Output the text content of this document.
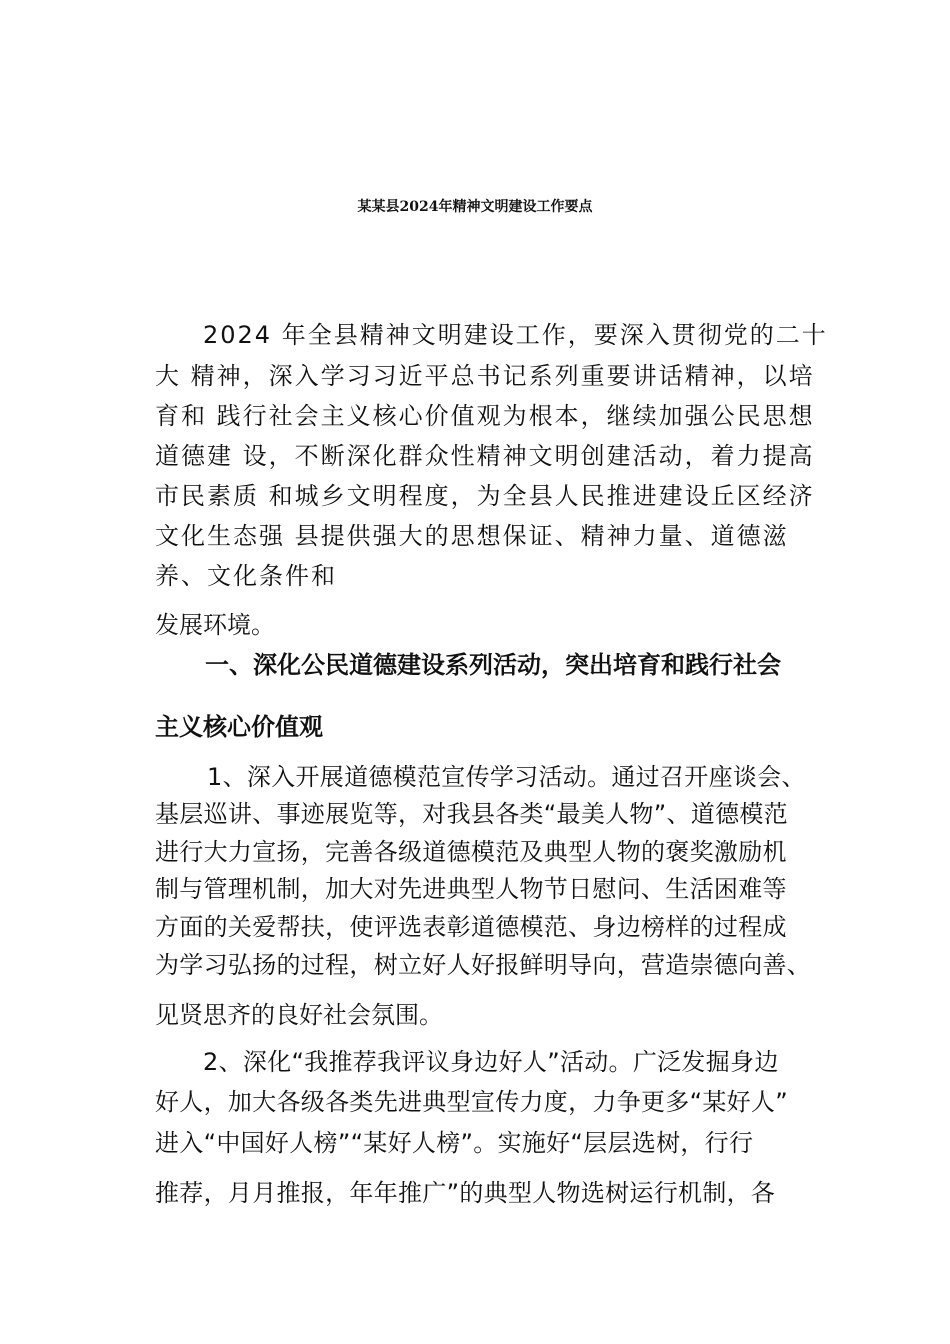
某某县2024年精神文明建设工作要点
2024 年全县精神文明建设工作，要深入贯彻党的二十
大 精神，深入学习习近平总书记系列重要讲话精神，以培
育和 践行社会主义核心价值观为根本，继续加强公民思想
道德建 设，不断深化群众性精神文明创建活动，着力提高
市民素质 和城乡文明程度，为全县人民推进建设丘区经济
文化生态强 县提供强大的思想保证、精神力量、道德滋
养、文化条件和
发展环境。
一、深化公民道德建设系列活动，突出培育和践行社会
主义核心价值观
1、深入开展道德模范宣传学习活动。通过召开座谈会、
基层巡讲、事迹展览等，对我县各类“最美人物”、道德模范
进行大力宣扬，完善各级道德模范及典型人物的褒奖激励机
制与管理机制，加大对先进典型人物节日慰问、生活困难等
方面的关爱帮扶，使评选表彰道德模范、身边榜样的过程成
为学习弘扬的过程，树立好人好报鲜明导向，营造崇德向善、
见贤思齐的良好社会氛围。
2、深化“我推荐我评议身边好人”活动。广泛发掘身边
好人，加大各级各类先进典型宣传力度，力争更多“某好人”
进入“中国好人榜”“某好人榜”。实施好“层层选树，行行
推荐，月月推报，年年推广”的典型人物选树运行机制，各
